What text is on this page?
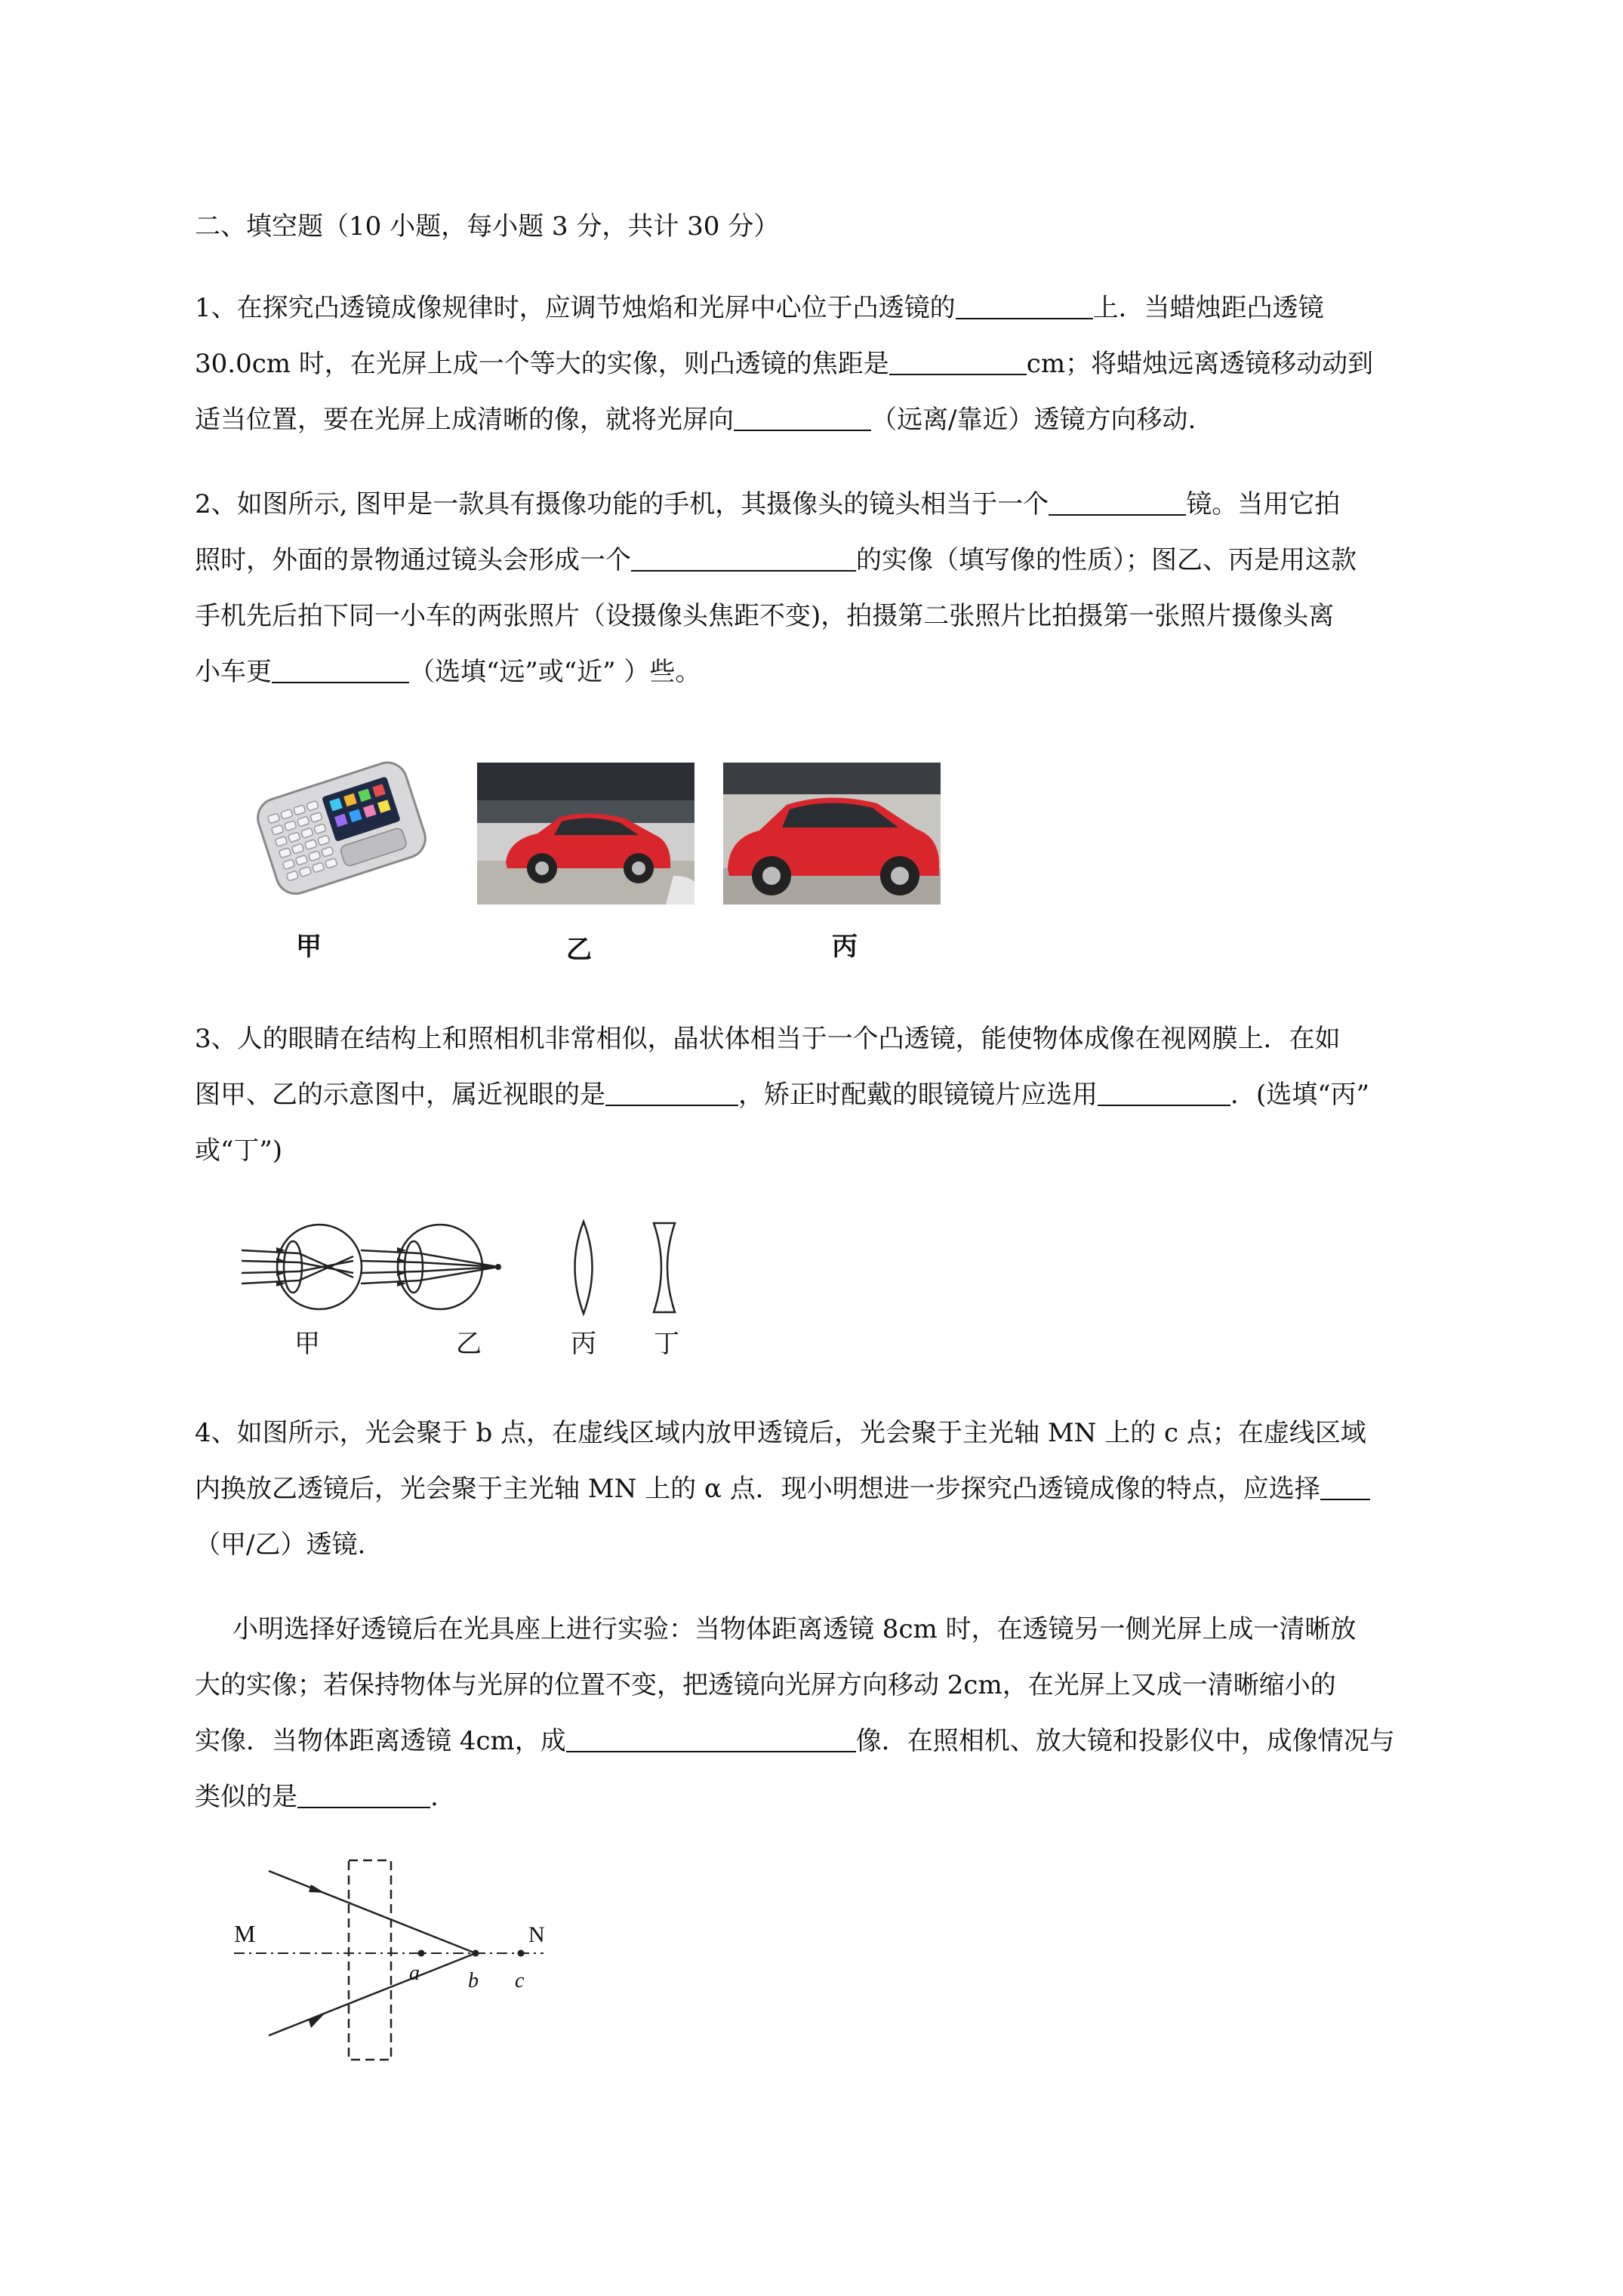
二、填空题（10 小题，每小题 3 分，共计 30 分）
1、在探究凸透镜成像规律时，应调节烛焰和光屏中心位于凸透镜的	上．当蜡烛距凸透镜
30.0cm 时，在光屏上成一个等大的实像，则凸透镜的焦距是	cm；将蜡烛远离透镜移动动到
适当位置，要在光屏上成清晰的像，就将光屏向	（远离/靠近）透镜方向移动.
2、如图所示, 图甲是一款具有摄像功能的手机，其摄像头的镜头相当于一个	镜。当用它拍
照时，外面的景物通过镜头会形成一个	的实像（填写像的性质）；图乙、丙是用这款
手机先后拍下同一小车的两张照片（设摄像头焦距不变)，拍摄第二张照片比拍摄第一张照片摄像头离
小车更	（选填“远”或“近” ）些。
甲	乙	丙
3、人的眼睛在结构上和照相机非常相似，晶状体相当于一个凸透镜，能使物体成像在视网膜上．在如
图甲、乙的示意图中，属近视眼的是	，矫正时配戴的眼镜镜片应选用	．(选填“丙”
或“丁”)
甲	乙	丙 丁
4、如图所示，光会聚于 b 点，在虚线区域内放甲透镜后，光会聚于主光轴 MN 上的 c 点；在虚线区域
内换放乙透镜后，光会聚于主光轴 MN 上的 α 点．现小明想进一步探究凸透镜成像的特点，应选择
（甲/乙）透镜.
小明选择好透镜后在光具座上进行实验：当物体距离透镜 8cm 时，在透镜另一侧光屏上成一清晰放
大的实像；若保持物体与光屏的位置不变，把透镜向光屏方向移动 2cm，在光屏上又成一清晰缩小的
实像．当物体距离透镜 4cm，成	像．在照相机、放大镜和投影仪中，成像情况与
类似的是	.
M	N
a b c
